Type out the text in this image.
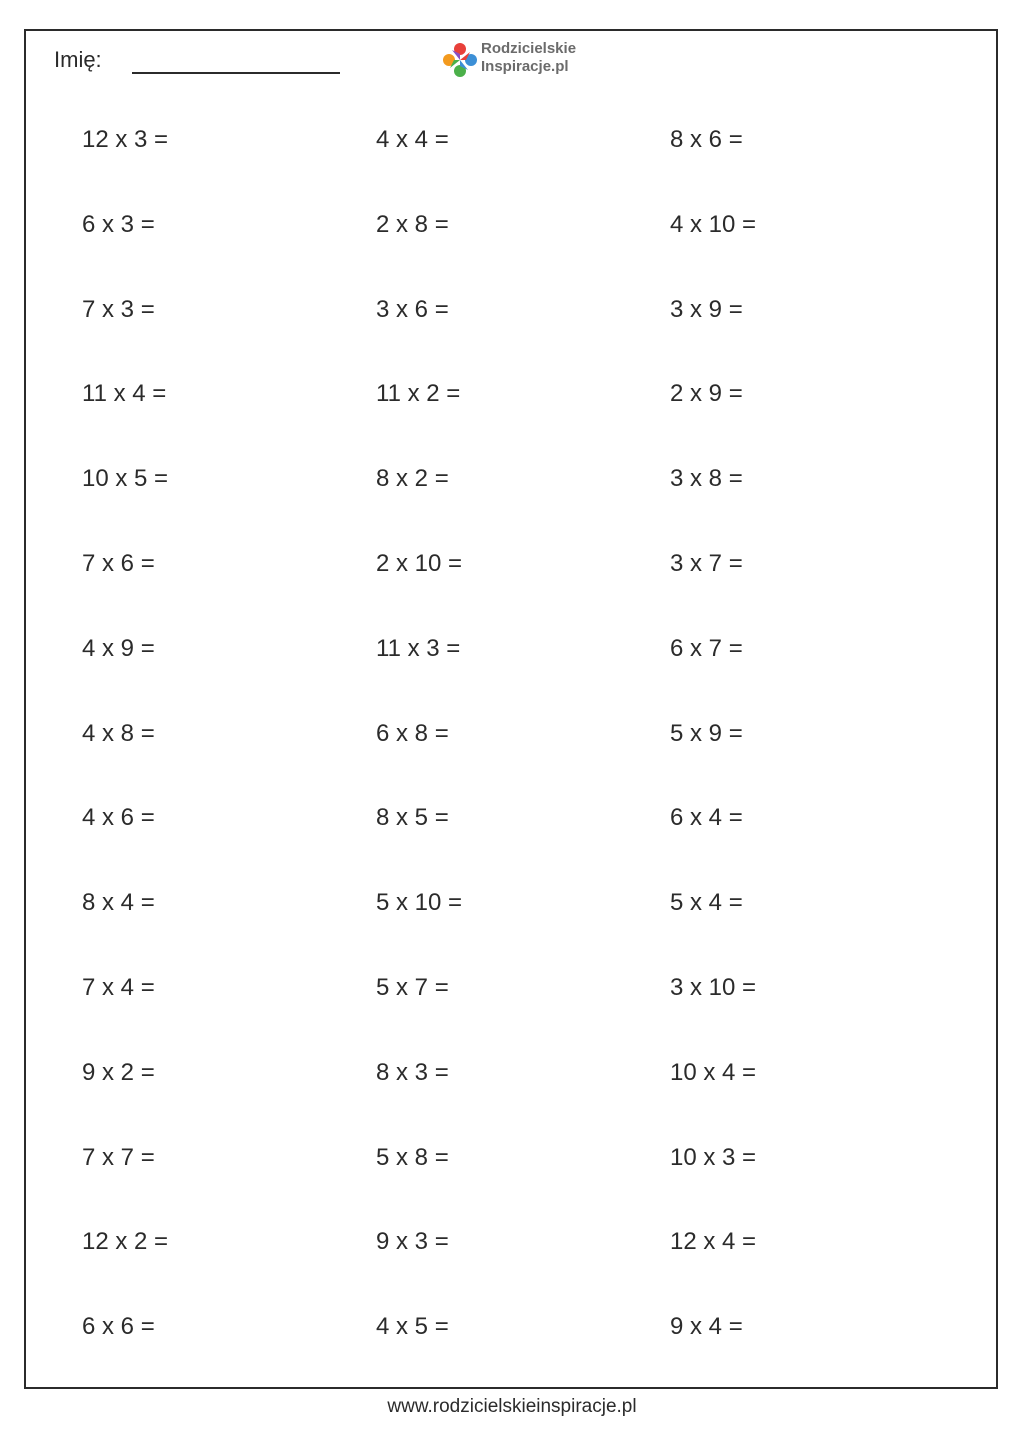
Imię:	Rodzicielskie
Inspiracje.pl
12 x 3 =	4 x 4 =	8 x 6 =
6 x 3 =	2 x 8 =	4 x 10 =
7 x 3 =	3 x 6 =	3 x 9 =
11 x 4 =	11 x 2 =	2 x 9 =
10 x 5 =	8 x 2 =	3 x 8 =
7 x 6 =	2 x 10 =	3 x 7 =
4 x 9 =	11 x 3 =	6 x 7 =
4 x 8 =	6 x 8 =	5 x 9 =
4 x 6 =	8 x 5 =	6 x 4 =
8 x 4 =	5 x 10 =	5 x 4 =
7 x 4 =	5 x 7 =	3 x 10 =
9 x 2 =	8 x 3 =	10 x 4 =
7 x 7 =	5 x 8 =	10 x 3 =
12 x 2 =	9 x 3 =	12 x 4 =
6 x 6 =	4 x 5 =	9 x 4 =
www.rodzicielskieinspiracje.pl
